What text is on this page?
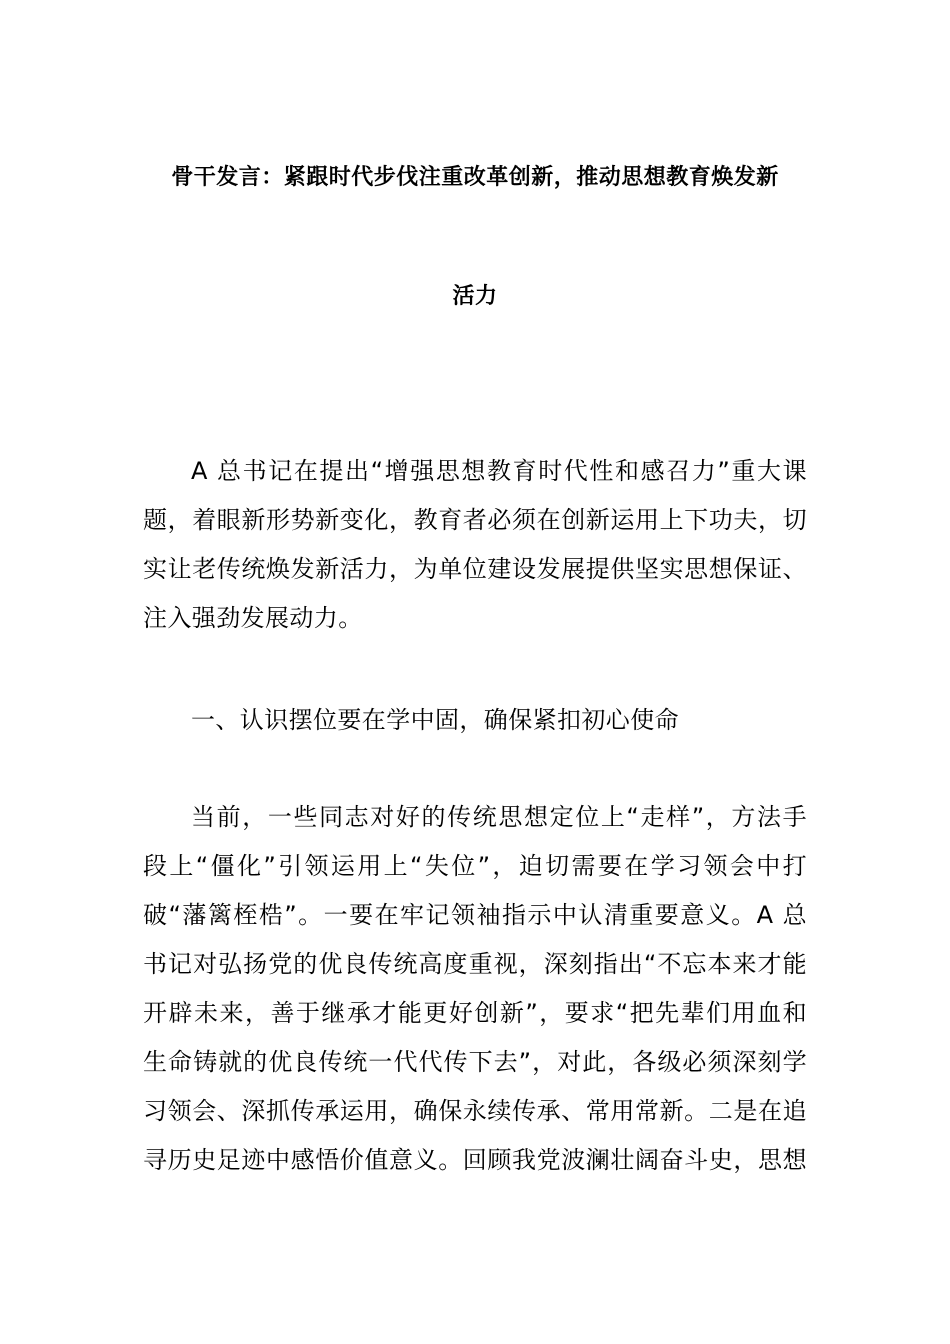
骨干发言：紧跟时代步伐注重改革创新，推动思想教育焕发新
活力
A 总书记在提出“增强思想教育时代性和感召力”重大课
题，着眼新形势新变化，教育者必须在创新运用上下功夫，切
实让老传统焕发新活力，为单位建设发展提供坚实思想保证、
注入强劲发展动力。
一、认识摆位要在学中固，确保紧扣初心使命
当前，一些同志对好的传统思想定位上“走样”，方法手
段上“僵化”引领运用上“失位”，迫切需要在学习领会中打
破“藩篱桎梏”。一要在牢记领袖指示中认清重要意义。A 总
书记对弘扬党的优良传统高度重视，深刻指出“不忘本来才能
开辟未来，善于继承才能更好创新”，要求“把先辈们用血和
生命铸就的优良传统一代代传下去”，对此，各级必须深刻学
习领会、深抓传承运用，确保永续传承、常用常新。二是在追
寻历史足迹中感悟价值意义。回顾我党波澜壮阔奋斗史，思想
